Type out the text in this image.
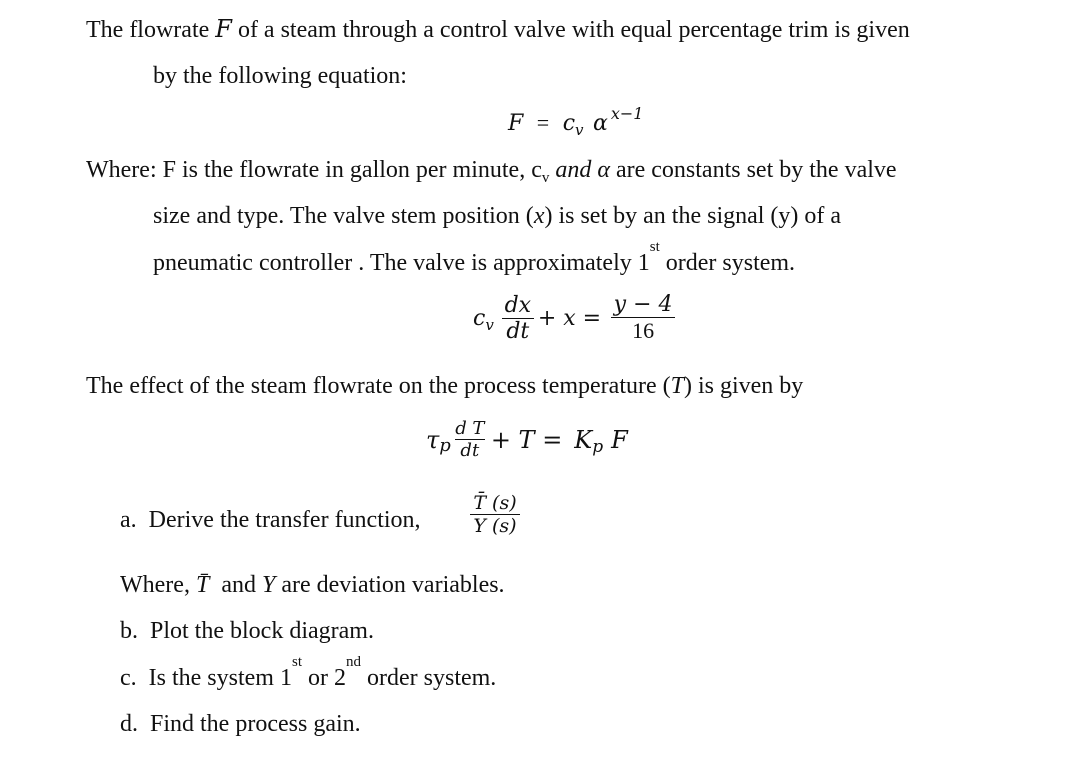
The flowrate F of a steam through a control valve with equal percentage trim is given
by the following equation:
$F = c_v$ α $^{x-1}$
Where: F is the flowrate in gallon per minute, $c_v$ and α are constants set by the valve
size and type. The valve stem position (x) is set by an the signal (y) of a
pneumatic controller . The valve is approximately 1st order system.
c v $\frac{dx}{dt} + x = \frac{y - 4}{16}$
The effect of the steam flowrate on the process temperature (T) is given by
τ p $\frac{\text{d T}}{dt} + T = K$ p F
a. Derive the transfer function,	$\frac{T̄ (s)}{Y (s)}$
Where, T̄  and Y are deviation variables.
b. Plot the block diagram.
c. Is the system 1st or 2nd order system.
d. Find the process gain.
